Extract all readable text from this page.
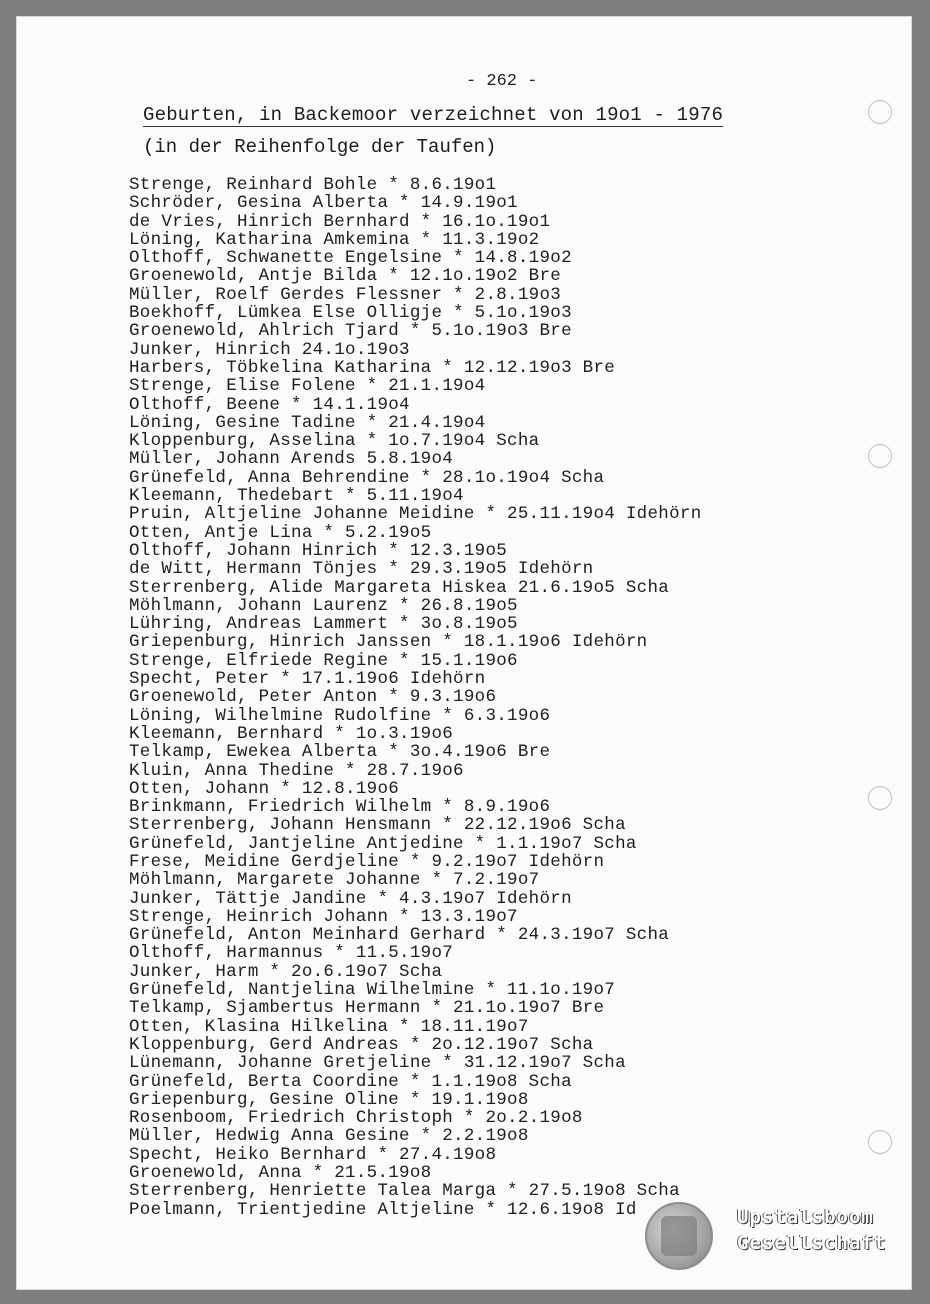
- 262 -
Geburten, in Backemoor verzeichnet von 19o1 - 1976
(in der Reihenfolge der Taufen)
Strenge, Reinhard Bohle * 8.6.19o1
Schröder, Gesina Alberta * 14.9.19o1
de Vries, Hinrich Bernhard * 16.1o.19o1
Löning, Katharina Amkemina * 11.3.19o2
Olthoff, Schwanette Engelsine * 14.8.19o2
Groenewold, Antje Bilda * 12.1o.19o2 Bre
Müller, Roelf Gerdes Flessner * 2.8.19o3
Boekhoff, Lümkea Else Olligje * 5.1o.19o3
Groenewold, Ahlrich Tjard * 5.1o.19o3 Bre
Junker, Hinrich 24.1o.19o3
Harbers, Töbkelina Katharina * 12.12.19o3 Bre
Strenge, Elise Folene * 21.1.19o4
Olthoff, Beene * 14.1.19o4
Löning, Gesine Tadine * 21.4.19o4
Kloppenburg, Asselina * 1o.7.19o4 Scha
Müller, Johann Arends 5.8.19o4
Grünefeld, Anna Behrendine * 28.1o.19o4 Scha
Kleemann, Thedebart * 5.11.19o4
Pruin, Altjeline Johanne Meidine * 25.11.19o4 Idehörn
Otten, Antje Lina * 5.2.19o5
Olthoff, Johann Hinrich * 12.3.19o5
de Witt, Hermann Tönjes * 29.3.19o5 Idehörn
Sterrenberg, Alide Margareta Hiskea 21.6.19o5 Scha
Möhlmann, Johann Laurenz * 26.8.19o5
Lühring, Andreas Lammert * 3o.8.19o5
Griepenburg, Hinrich Janssen * 18.1.19o6 Idehörn
Strenge, Elfriede Regine * 15.1.19o6
Specht, Peter * 17.1.19o6 Idehörn
Groenewold, Peter Anton * 9.3.19o6
Löning, Wilhelmine Rudolfine * 6.3.19o6
Kleemann, Bernhard * 1o.3.19o6
Telkamp, Ewekea Alberta * 3o.4.19o6 Bre
Kluin, Anna Thedine * 28.7.19o6
Otten, Johann * 12.8.19o6
Brinkmann, Friedrich Wilhelm * 8.9.19o6
Sterrenberg, Johann Hensmann * 22.12.19o6 Scha
Grünefeld, Jantjeline Antjedine * 1.1.19o7 Scha
Frese, Meidine Gerdjeline * 9.2.19o7 Idehörn
Möhlmann, Margarete Johanne * 7.2.19o7
Junker, Tättje Jandine * 4.3.19o7 Idehörn
Strenge, Heinrich Johann * 13.3.19o7
Grünefeld, Anton Meinhard Gerhard * 24.3.19o7 Scha
Olthoff, Harmannus * 11.5.19o7
Junker, Harm * 2o.6.19o7 Scha
Grünefeld, Nantjelina Wilhelmine * 11.1o.19o7
Telkamp, Sjambertus Hermann * 21.1o.19o7 Bre
Otten, Klasina Hilkelina * 18.11.19o7
Kloppenburg, Gerd Andreas * 2o.12.19o7 Scha
Lünemann, Johanne Gretjeline * 31.12.19o7 Scha
Grünefeld, Berta Coordine * 1.1.19o8 Scha
Griepenburg, Gesine Oline * 19.1.19o8
Rosenboom, Friedrich Christoph * 2o.2.19o8
Müller, Hedwig Anna Gesine * 2.2.19o8
Specht, Heiko Bernhard * 27.4.19o8
Groenewold, Anna * 21.5.19o8
Sterrenberg, Henriette Talea Marga * 27.5.19o8 Scha
Poelmann, Trientjedine Altjeline * 12.6.19o8 Id	Upstalsboom
Gesellschaft
